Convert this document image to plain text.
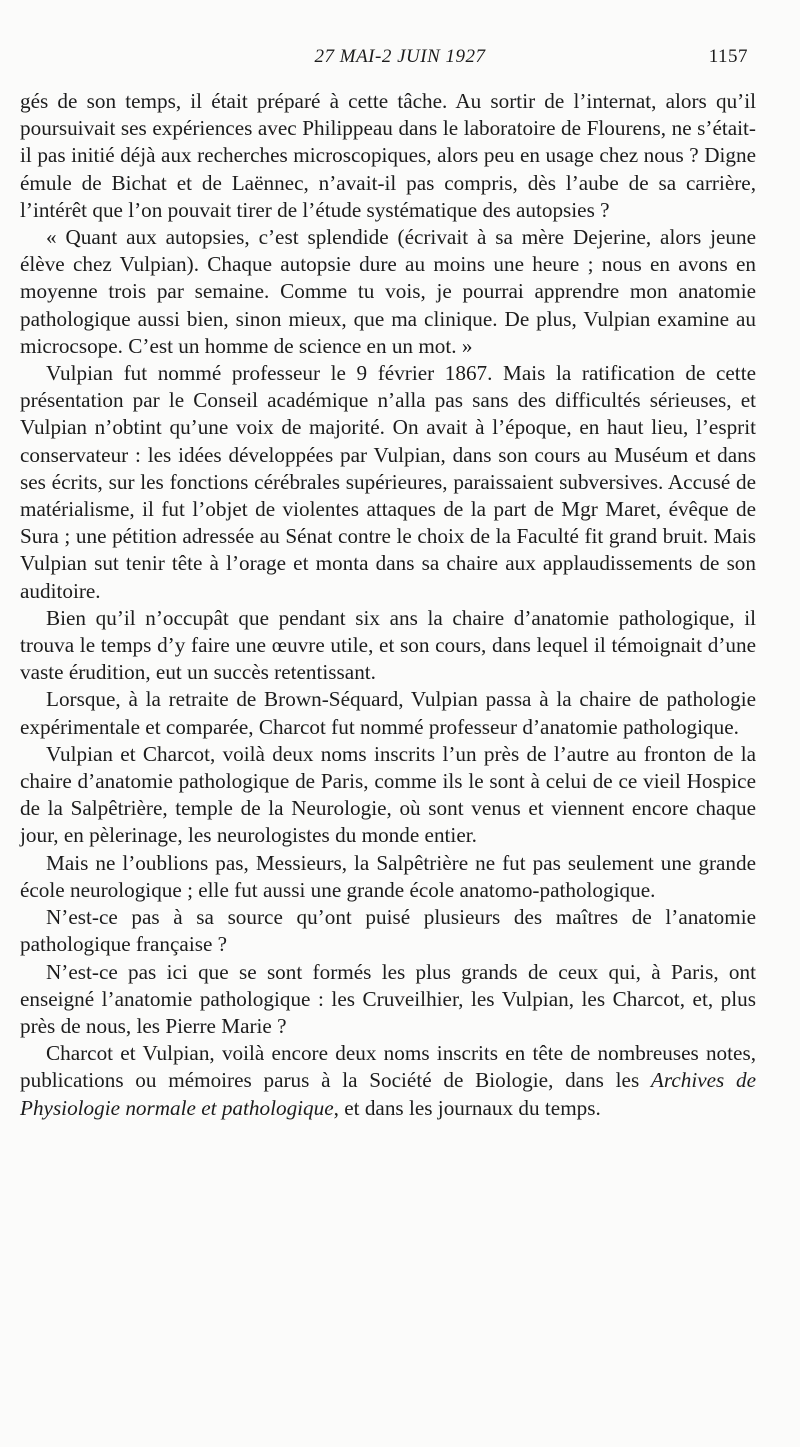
27 MAI-2 JUIN 1927	1157

gés de son temps, il était préparé à cette tâche. Au sortir de l’internat, alors qu’il poursuivait ses expériences avec Philippeau dans le laboratoire de Flourens, ne s’était-il pas initié déjà aux recherches microscopiques, alors peu en usage chez nous ? Digne émule de Bichat et de Laënnec, n’avait-il pas compris, dès l’aube de sa carrière, l’intérêt que l’on pouvait tirer de l’étude systématique des autopsies ?

« Quant aux autopsies, c’est splendide (écrivait à sa mère Dejerine, alors jeune élève chez Vulpian). Chaque autopsie dure au moins une heure ; nous en avons en moyenne trois par semaine. Comme tu vois, je pourrai apprendre mon anatomie pathologique aussi bien, sinon mieux, que ma clinique. De plus, Vulpian examine au microcsope. C’est un homme de science en un mot. »

Vulpian fut nommé professeur le 9 février 1867. Mais la ratification de cette présentation par le Conseil académique n’alla pas sans des difficultés sérieuses, et Vulpian n’obtint qu’une voix de majorité. On avait à l’époque, en haut lieu, l’esprit conservateur : les idées développées par Vulpian, dans son cours au Muséum et dans ses écrits, sur les fonctions cérébrales supérieures, paraissaient subversives. Accusé de matérialisme, il fut l’objet de violentes attaques de la part de Mgr Maret, évêque de Sura ; une pétition adressée au Sénat contre le choix de la Faculté fit grand bruit. Mais Vulpian sut tenir tête à l’orage et monta dans sa chaire aux applaudissements de son auditoire.

Bien qu’il n’occupât que pendant six ans la chaire d’anatomie pathologique, il trouva le temps d’y faire une œuvre utile, et son cours, dans lequel il témoignait d’une vaste érudition, eut un succès retentissant.

Lorsque, à la retraite de Brown-Séquard, Vulpian passa à la chaire de pathologie expérimentale et comparée, Charcot fut nommé professeur d’anatomie pathologique.

Vulpian et Charcot, voilà deux noms inscrits l’un près de l’autre au fronton de la chaire d’anatomie pathologique de Paris, comme ils le sont à celui de ce vieil Hospice de la Salpêtrière, temple de la Neurologie, où sont venus et viennent encore chaque jour, en pèlerinage, les neurologistes du monde entier.

Mais ne l’oublions pas, Messieurs, la Salpêtrière ne fut pas seulement une grande école neurologique ; elle fut aussi une grande école anatomo-pathologique.

N’est-ce pas à sa source qu’ont puisé plusieurs des maîtres de l’anatomie pathologique française ?

N’est-ce pas ici que se sont formés les plus grands de ceux qui, à Paris, ont enseigné l’anatomie pathologique : les Cruveilhier, les Vulpian, les Charcot, et, plus près de nous, les Pierre Marie ?

Charcot et Vulpian, voilà encore deux noms inscrits en tête de nombreuses notes, publications ou mémoires parus à la Société de Biologie, dans les Archives de Physiologie normale et pathologique, et dans les journaux du temps.
